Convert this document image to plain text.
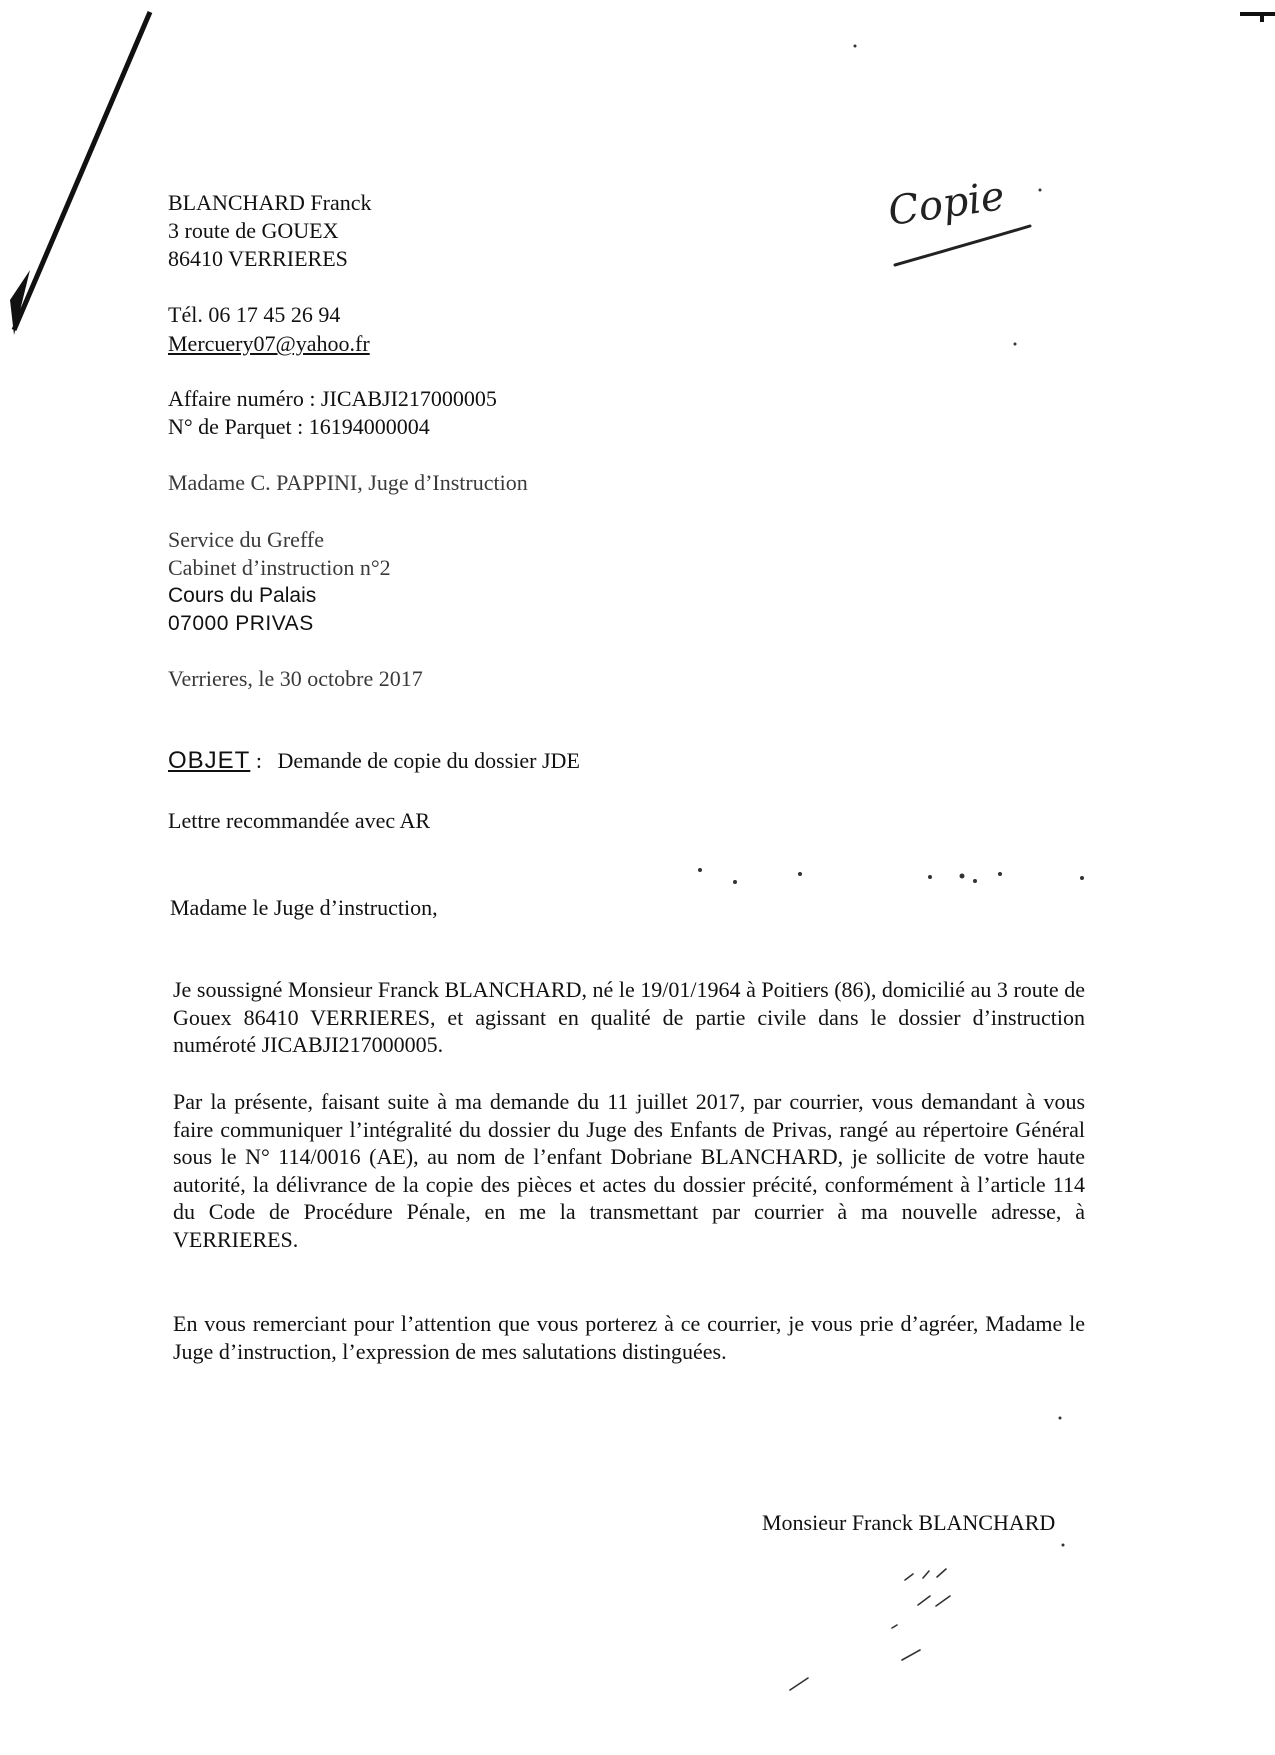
Copie
BLANCHARD Franck
3 route de GOUEX
86410 VERRIERES
Tél. 06 17 45 26 94
Mercuery07@yahoo.fr
Affaire numéro : JICABJI217000005
N° de Parquet : 16194000004
Madame C. PAPPINI, Juge d’Instruction
Service du Greffe
Cabinet d’instruction n°2
Cours du Palais
07000 PRIVAS
Verrieres, le 30 octobre 2017
OBJET : Demande de copie du dossier JDE
Lettre recommandée avec AR
Madame le Juge d’instruction,
Je soussigné Monsieur Franck BLANCHARD, né le 19/01/1964 à Poitiers (86), domicilié au 3 route de Gouex 86410 VERRIERES, et agissant en qualité de partie civile dans le dossier d’instruction numéroté JICABJI217000005.
Par la présente, faisant suite à ma demande du 11 juillet 2017, par courrier, vous demandant à vous faire communiquer l’intégralité du dossier du Juge des Enfants de Privas, rangé au répertoire Général sous le N° 114/0016 (AE), au nom de l’enfant Dobriane BLANCHARD, je sollicite de votre haute autorité, la délivrance de la copie des pièces et actes du dossier précité, conformément à l’article 114 du Code de Procédure Pénale, en me la transmettant par courrier à ma nouvelle adresse, à VERRIERES.
En vous remerciant pour l’attention que vous porterez à ce courrier, je vous prie d’agréer, Madame le Juge d’instruction, l’expression de mes salutations distinguées.
Monsieur Franck BLANCHARD
